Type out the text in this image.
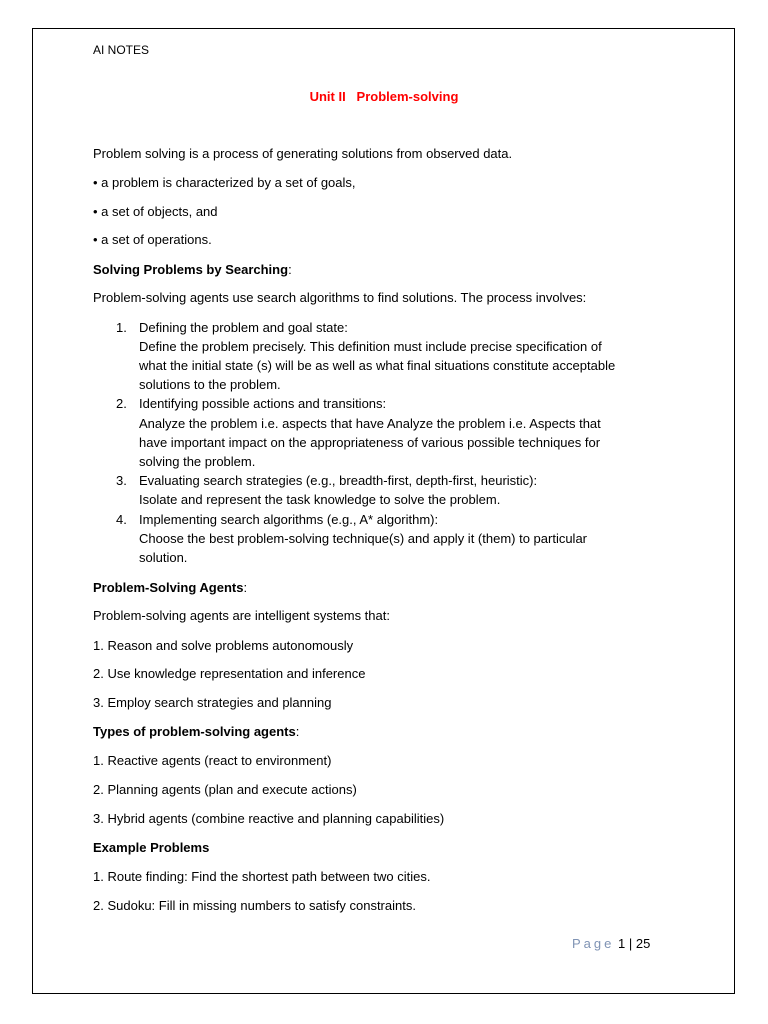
AI NOTES
Unit II Problem-solving
Problem solving is a process of generating solutions from observed data.
• a problem is characterized by a set of goals,
• a set of objects, and
• a set of operations.
Solving Problems by Searching:
Problem-solving agents use search algorithms to find solutions. The process involves:
1. Defining the problem and goal state:
Define the problem precisely. This definition must include precise specification of
what the initial state (s) will be as well as what final situations constitute acceptable
solutions to the problem.
2. Identifying possible actions and transitions:
Analyze the problem i.e. aspects that have Analyze the problem i.e. Aspects that
have important impact on the appropriateness of various possible techniques for
solving the problem.
3. Evaluating search strategies (e.g., breadth-first, depth-first, heuristic):
Isolate and represent the task knowledge to solve the problem.
4. Implementing search algorithms (e.g., A* algorithm):
Choose the best problem-solving technique(s) and apply it (them) to particular
solution.
Problem-Solving Agents:
Problem-solving agents are intelligent systems that:
1. Reason and solve problems autonomously
2. Use knowledge representation and inference
3. Employ search strategies and planning
Types of problem-solving agents:
1. Reactive agents (react to environment)
2. Planning agents (plan and execute actions)
3. Hybrid agents (combine reactive and planning capabilities)
Example Problems
1. Route finding: Find the shortest path between two cities.
2. Sudoku: Fill in missing numbers to satisfy constraints.
Page 1 | 25
